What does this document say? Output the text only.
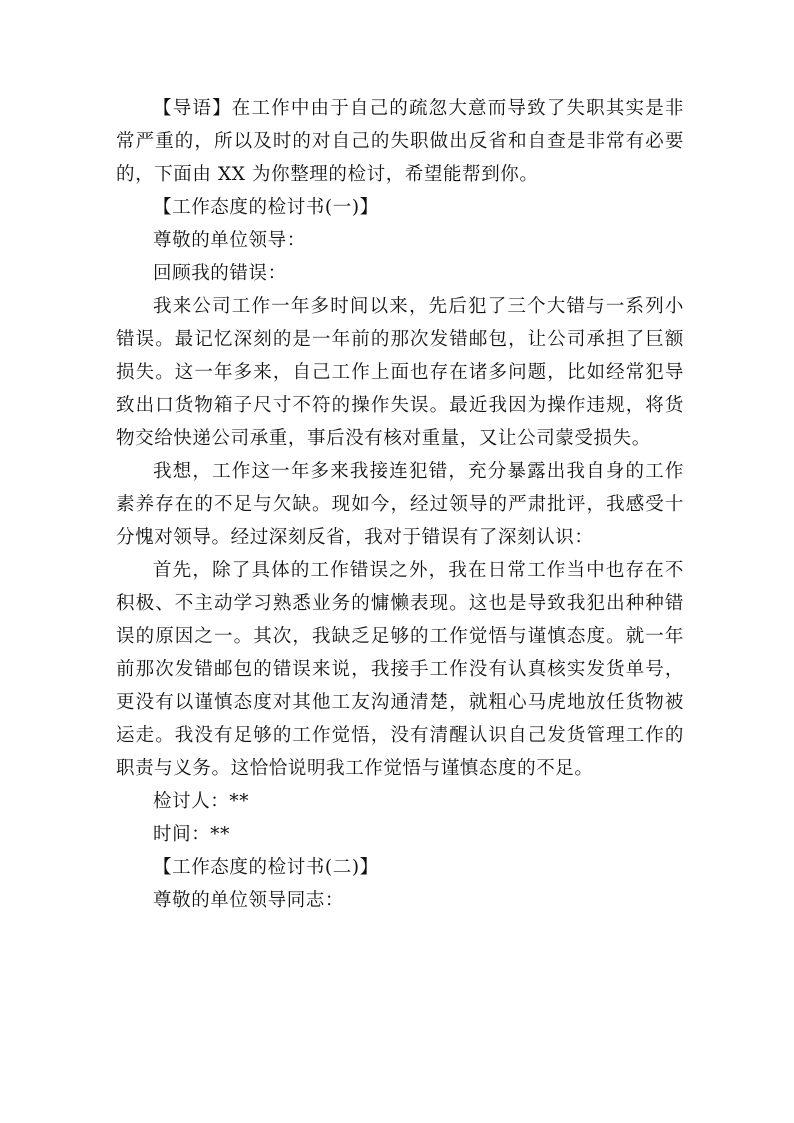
【导语】在工作中由于自己的疏忽大意而导致了失职其实是非常严重的，所以及时的对自己的失职做出反省和自查是非常有必要的，下面由 XX 为你整理的检讨，希望能帮到你。

【工作态度的检讨书(一)】

尊敬的单位领导：

回顾我的错误：

我来公司工作一年多时间以来，先后犯了三个大错与一系列小错误。最记忆深刻的是一年前的那次发错邮包，让公司承担了巨额损失。这一年多来，自己工作上面也存在诸多问题，比如经常犯导致出口货物箱子尺寸不符的操作失误。最近我因为操作违规，将货物交给快递公司承重，事后没有核对重量，又让公司蒙受损失。

我想，工作这一年多来我接连犯错，充分暴露出我自身的工作素养存在的不足与欠缺。现如今，经过领导的严肃批评，我感受十分愧对领导。经过深刻反省，我对于错误有了深刻认识：

首先，除了具体的工作错误之外，我在日常工作当中也存在不积极、不主动学习熟悉业务的慵懒表现。这也是导致我犯出种种错误的原因之一。其次，我缺乏足够的工作觉悟与谨慎态度。就一年前那次发错邮包的错误来说，我接手工作没有认真核实发货单号，更没有以谨慎态度对其他工友沟通清楚，就粗心马虎地放任货物被运走。我没有足够的工作觉悟，没有清醒认识自己发货管理工作的职责与义务。这恰恰说明我工作觉悟与谨慎态度的不足。

检讨人：**

时间：**

【工作态度的检讨书(二)】

尊敬的单位领导同志：
